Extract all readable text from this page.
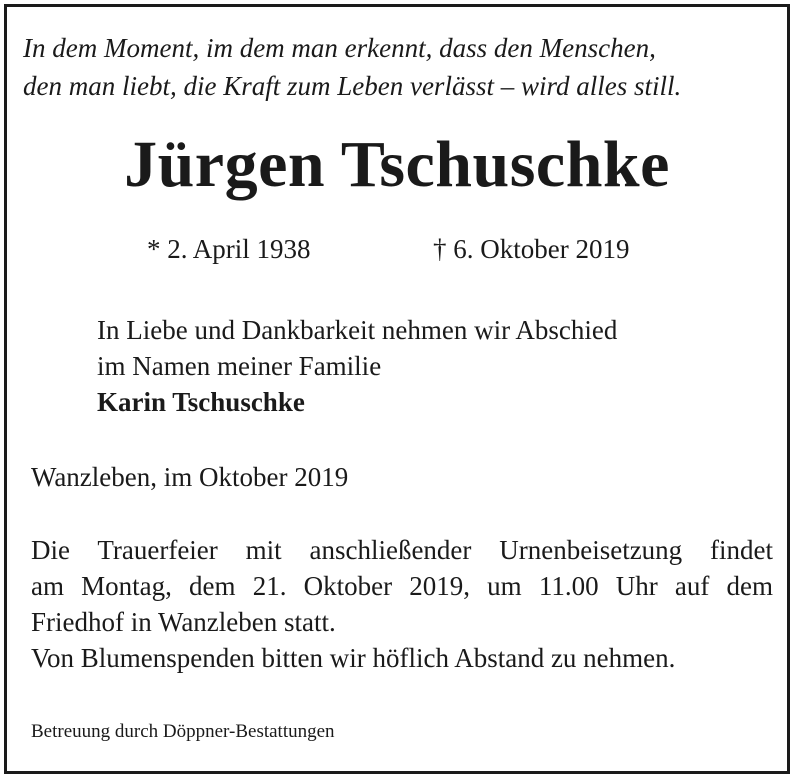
In dem Moment, im dem man erkennt, dass den Menschen,
den man liebt, die Kraft zum Leben verlässt – wird alles still.

Jürgen Tschuschke
* 2. April 1938	† 6. Oktober 2019
In Liebe und Dankbarkeit nehmen wir Abschied
im Namen meiner Familie
Karin Tschuschke
Wanzleben, im Oktober 2019
Die Trauerfeier mit anschließender Urnenbeisetzung findet
am Montag, dem 21. Oktober 2019, um 11.00 Uhr auf dem
Friedhof in Wanzleben statt.
Von Blumenspenden bitten wir höflich Abstand zu nehmen.
Betreuung durch Döppner-Bestattungen
